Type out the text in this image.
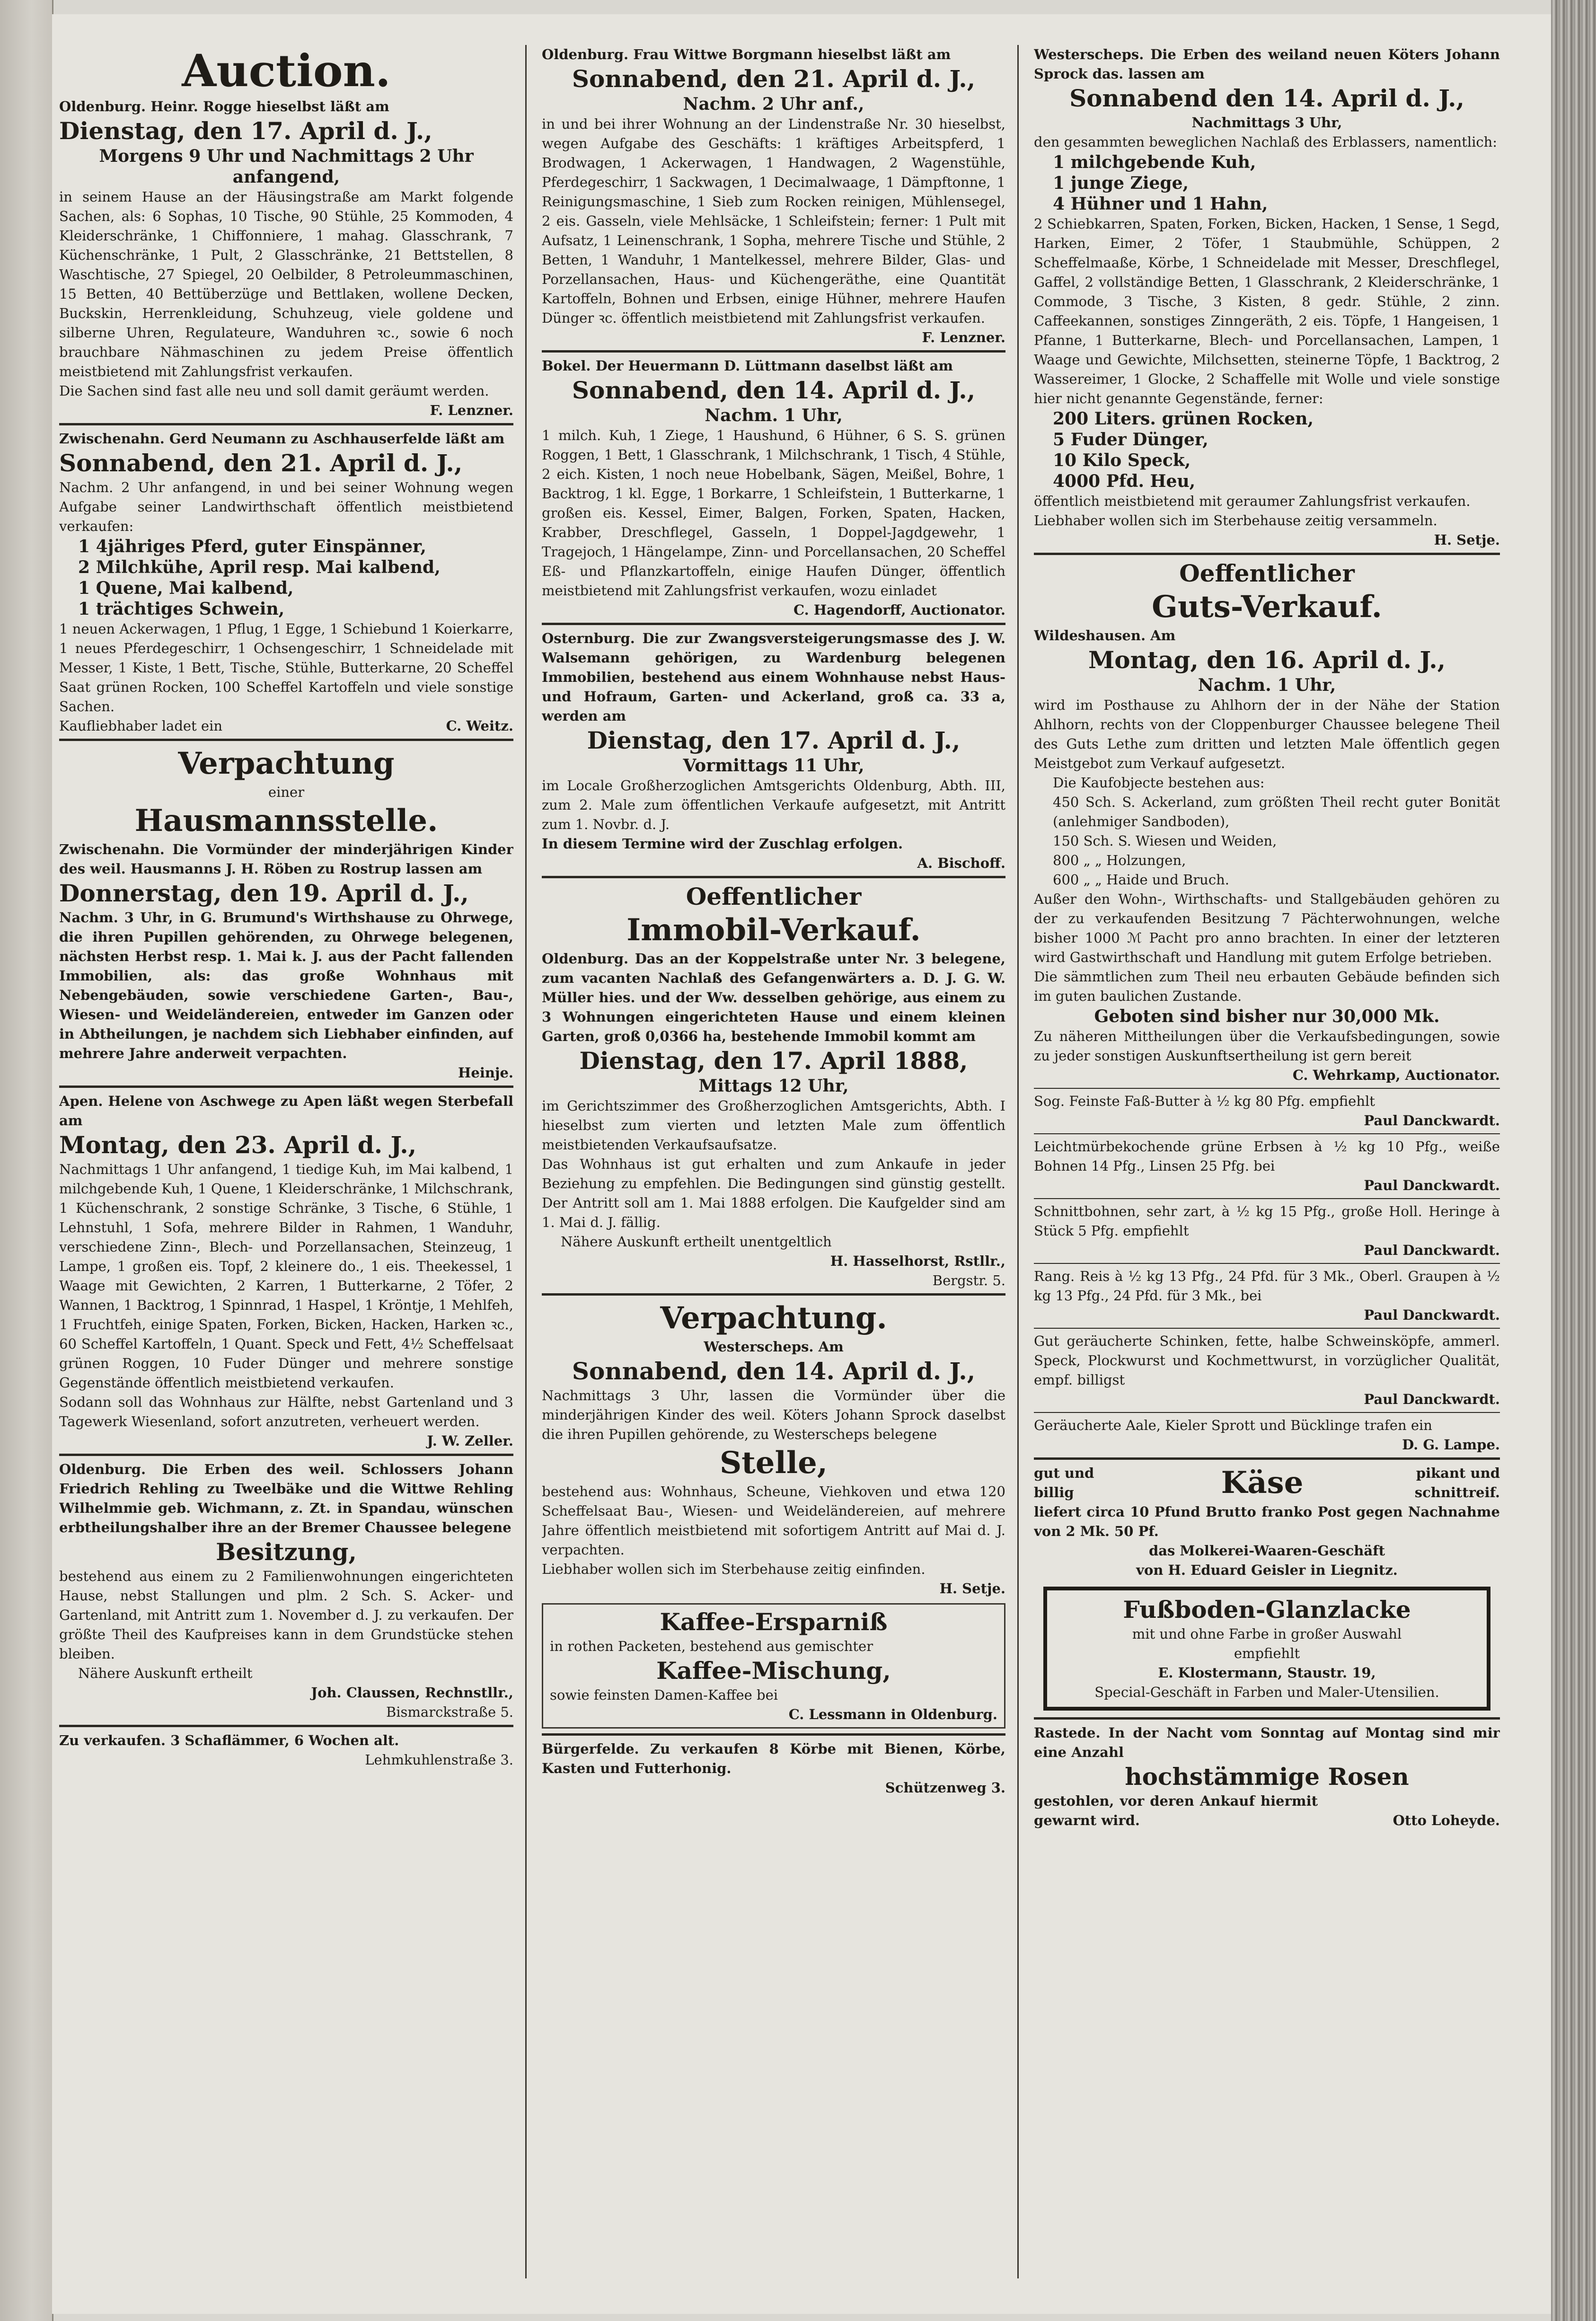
Auction.

Oldenburg. Heinr. Rogge hieselbst läßt am

Dienstag, den 17. April d. J.,

Morgens 9 Uhr und Nachmittags 2 Uhr anfangend,

in seinem Hause an der Häusingstraße am Markt folgende Sachen, als: 6 Sophas, 10 Tische, 90 Stühle, 25 Kommoden, 4 Kleiderschränke, 1 Chiffonniere, 1 mahag. Glasschrank, 7 Küchenschränke, 1 Pult, 2 Glasschränke, 21 Bettstellen, 8 Waschtische, 27 Spiegel, 20 Oelbilder, 8 Petroleummaschinen, 15 Betten, 40 Bettüberzüge und Bettlaken, wollene Decken, Buckskin, Herrenkleidung, Schuhzeug, viele goldene und silberne Uhren, Regulateure, Wanduhren ꝛc., sowie 6 noch brauchbare Nähmaschinen zu jedem Preise öffentlich meistbietend mit Zahlungsfrist verkaufen.

Die Sachen sind fast alle neu und soll damit geräumt werden.

F. Lenzner.

Zwischenahn. Gerd Neumann zu Aschhauserfelde läßt am

Sonnabend, den 21. April d. J.,

Nachm. 2 Uhr anfangend, in und bei seiner Wohnung wegen Aufgabe seiner Landwirthschaft öffentlich meistbietend verkaufen:

1 4jähriges Pferd, guter Einspänner,

2 Milchkühe, April resp. Mai kalbend,

1 Quene, Mai kalbend,

1 trächtiges Schwein,

1 neuen Ackerwagen, 1 Pflug, 1 Egge, 1 Schiebund 1 Koierkarre, 1 neues Pferdegeschirr, 1 Ochsengeschirr, 1 Schneidelade mit Messer, 1 Kiste, 1 Bett, Tische, Stühle, Butterkarne, 20 Scheffel Saat grünen Rocken, 100 Scheffel Kartoffeln und viele sonstige Sachen.

Kaufliebhaber ladet ein	C. Weitz.

Verpachtung

einer

Hausmannsstelle.

Zwischenahn. Die Vormünder der minderjährigen Kinder des weil. Hausmanns J. H. Röben zu Rostrup lassen am

Donnerstag, den 19. April d. J.,

Nachm. 3 Uhr, in G. Brumund's Wirthshause zu Ohrwege, die ihren Pupillen gehörenden, zu Ohrwege belegenen, nächsten Herbst resp. 1. Mai k. J. aus der Pacht fallenden Immobilien, als: das große Wohnhaus mit Nebengebäuden, sowie verschiedene Garten-, Bau-, Wiesen- und Weideländereien, entweder im Ganzen oder in Abtheilungen, je nachdem sich Liebhaber einfinden, auf mehrere Jahre anderweit verpachten.

Heinje.

Apen. Helene von Aschwege zu Apen läßt wegen Sterbefall am

Montag, den 23. April d. J.,

Nachmittags 1 Uhr anfangend, 1 tiedige Kuh, im Mai kalbend, 1 milchgebende Kuh, 1 Quene, 1 Kleiderschränke, 1 Milchschrank, 1 Küchenschrank, 2 sonstige Schränke, 3 Tische, 6 Stühle, 1 Lehnstuhl, 1 Sofa, mehrere Bilder in Rahmen, 1 Wanduhr, verschiedene Zinn-, Blech- und Porzellansachen, Steinzeug, 1 Lampe, 1 großen eis. Topf, 2 kleinere do., 1 eis. Theekessel, 1 Waage mit Gewichten, 2 Karren, 1 Butterkarne, 2 Töfer, 2 Wannen, 1 Backtrog, 1 Spinnrad, 1 Haspel, 1 Kröntje, 1 Mehlfeh, 1 Fruchtfeh, einige Spaten, Forken, Bicken, Hacken, Harken ꝛc., 60 Scheffel Kartoffeln, 1 Quant. Speck und Fett, 4½ Scheffelsaat grünen Roggen, 10 Fuder Dünger und mehrere sonstige Gegenstände öffentlich meistbietend verkaufen.

Sodann soll das Wohnhaus zur Hälfte, nebst Gartenland und 3 Tagewerk Wiesenland, sofort anzutreten, verheuert werden.

J. W. Zeller.

Oldenburg. Die Erben des weil. Schlossers Johann Friedrich Rehling zu Tweelbäke und die Wittwe Rehling Wilhelmmie geb. Wichmann, z. Zt. in Spandau, wünschen erbtheilungshalber ihre an der Bremer Chaussee belegene

Besitzung,

bestehend aus einem zu 2 Familienwohnungen eingerichteten Hause, nebst Stallungen und plm. 2 Sch. S. Acker- und Gartenland, mit Antritt zum 1. November d. J. zu verkaufen. Der größte Theil des Kaufpreises kann in dem Grundstücke stehen bleiben.

Nähere Auskunft ertheilt

Joh. Claussen, Rechnstllr.,

Bismarckstraße 5.

Zu verkaufen. 3 Schaflämmer, 6 Wochen alt.

Lehmkuhlenstraße 3.

Oldenburg. Frau Wittwe Borgmann hieselbst läßt am

Sonnabend, den 21. April d. J.,

Nachm. 2 Uhr anf.,

in und bei ihrer Wohnung an der Lindenstraße Nr. 30 hieselbst, wegen Aufgabe des Geschäfts: 1 kräftiges Arbeitspferd, 1 Brodwagen, 1 Ackerwagen, 1 Handwagen, 2 Wagenstühle, Pferdegeschirr, 1 Sackwagen, 1 Decimalwaage, 1 Dämpftonne, 1 Reinigungsmaschine, 1 Sieb zum Rocken reinigen, Mühlensegel, 2 eis. Gasseln, viele Mehlsäcke, 1 Schleifstein; ferner: 1 Pult mit Aufsatz, 1 Leinenschrank, 1 Sopha, mehrere Tische und Stühle, 2 Betten, 1 Wanduhr, 1 Mantelkessel, mehrere Bilder, Glas- und Porzellansachen, Haus- und Küchengeräthe, eine Quantität Kartoffeln, Bohnen und Erbsen, einige Hühner, mehrere Haufen Dünger ꝛc. öffentlich meistbietend mit Zahlungsfrist verkaufen.

F. Lenzner.

Bokel. Der Heuermann D. Lüttmann daselbst läßt am

Sonnabend, den 14. April d. J.,

Nachm. 1 Uhr,

1 milch. Kuh, 1 Ziege, 1 Haushund, 6 Hühner, 6 S. S. grünen Roggen, 1 Bett, 1 Glasschrank, 1 Milchschrank, 1 Tisch, 4 Stühle, 2 eich. Kisten, 1 noch neue Hobelbank, Sägen, Meißel, Bohre, 1 Backtrog, 1 kl. Egge, 1 Borkarre, 1 Schleifstein, 1 Butterkarne, 1 großen eis. Kessel, Eimer, Balgen, Forken, Spaten, Hacken, Krabber, Dreschflegel, Gasseln, 1 Doppel-Jagdgewehr, 1 Tragejoch, 1 Hängelampe, Zinn- und Porcellansachen, 20 Scheffel Eß- und Pflanzkartoffeln, einige Haufen Dünger, öffentlich meistbietend mit Zahlungsfrist verkaufen, wozu einladet

C. Hagendorff, Auctionator.

Osternburg. Die zur Zwangsversteigerungsmasse des J. W. Walsemann gehörigen, zu Wardenburg belegenen Immobilien, bestehend aus einem Wohnhause nebst Haus- und Hofraum, Garten- und Ackerland, groß ca. 33 a, werden am

Dienstag, den 17. April d. J.,

Vormittags 11 Uhr,

im Locale Großherzoglichen Amtsgerichts Oldenburg, Abth. III, zum 2. Male zum öffentlichen Verkaufe aufgesetzt, mit Antritt zum 1. Novbr. d. J.

In diesem Termine wird der Zuschlag erfolgen.

A. Bischoff.

Oeffentlicher

Immobil-Verkauf.

Oldenburg. Das an der Koppelstraße unter Nr. 3 belegene, zum vacanten Nachlaß des Gefangenwärters a. D. J. G. W. Müller hies. und der Ww. desselben gehörige, aus einem zu 3 Wohnungen eingerichteten Hause und einem kleinen Garten, groß 0,0366 ha, bestehende Immobil kommt am

Dienstag, den 17. April 1888,

Mittags 12 Uhr,

im Gerichtszimmer des Großherzoglichen Amtsgerichts, Abth. I hieselbst zum vierten und letzten Male zum öffentlich meistbietenden Verkaufsaufsatze.

Das Wohnhaus ist gut erhalten und zum Ankaufe in jeder Beziehung zu empfehlen. Die Bedingungen sind günstig gestellt. Der Antritt soll am 1. Mai 1888 erfolgen. Die Kaufgelder sind am 1. Mai d. J. fällig.

Nähere Auskunft ertheilt unentgeltlich

H. Hasselhorst, Rstllr.,

Bergstr. 5.

Verpachtung.

Westerscheps. Am

Sonnabend, den 14. April d. J.,

Nachmittags 3 Uhr, lassen die Vormünder über die minderjährigen Kinder des weil. Köters Johann Sprock daselbst die ihren Pupillen gehörende, zu Westerscheps belegene

Stelle,

bestehend aus: Wohnhaus, Scheune, Viehkoven und etwa 120 Scheffelsaat Bau-, Wiesen- und Weideländereien, auf mehrere Jahre öffentlich meistbietend mit sofortigem Antritt auf Mai d. J. verpachten.

Liebhaber wollen sich im Sterbehause zeitig einfinden.

H. Setje.

Kaffee-Ersparniß

in rothen Packeten, bestehend aus gemischter

Kaffee-Mischung,

sowie feinsten Damen-Kaffee bei

C. Lessmann in Oldenburg.

Bürgerfelde. Zu verkaufen 8 Körbe mit Bienen, Körbe, Kasten und Futterhonig.

Schützenweg 3.

Westerscheps. Die Erben des weiland neuen Köters Johann Sprock das. lassen am

Sonnabend den 14. April d. J.,

Nachmittags 3 Uhr,

den gesammten beweglichen Nachlaß des Erblassers, namentlich:

1 milchgebende Kuh,

1 junge Ziege,

4 Hühner und 1 Hahn,

2 Schiebkarren, Spaten, Forken, Bicken, Hacken, 1 Sense, 1 Segd, Harken, Eimer, 2 Töfer, 1 Staubmühle, Schüppen, 2 Scheffelmaaße, Körbe, 1 Schneidelade mit Messer, Dreschflegel, Gaffel, 2 vollständige Betten, 1 Glasschrank, 2 Kleiderschränke, 1 Commode, 3 Tische, 3 Kisten, 8 gedr. Stühle, 2 zinn. Caffeekannen, sonstiges Zinngeräth, 2 eis. Töpfe, 1 Hangeisen, 1 Pfanne, 1 Butterkarne, Blech- und Porcellansachen, Lampen, 1 Waage und Gewichte, Milchsetten, steinerne Töpfe, 1 Backtrog, 2 Wassereimer, 1 Glocke, 2 Schaffelle mit Wolle und viele sonstige hier nicht genannte Gegenstände, ferner:

200 Liters. grünen Rocken,

5 Fuder Dünger,

10 Kilo Speck,

4000 Pfd. Heu,

öffentlich meistbietend mit geraumer Zahlungsfrist verkaufen.

Liebhaber wollen sich im Sterbehause zeitig versammeln.

H. Setje.

Oeffentlicher

Guts-Verkauf.

Wildeshausen. Am

Montag, den 16. April d. J.,

Nachm. 1 Uhr,

wird im Posthause zu Ahlhorn der in der Nähe der Station Ahlhorn, rechts von der Cloppenburger Chaussee belegene Theil des Guts Lethe zum dritten und letzten Male öffentlich gegen Meistgebot zum Verkauf aufgesetzt.

Die Kaufobjecte bestehen aus:

450 Sch. S. Ackerland, zum größten Theil recht guter Bonität (anlehmiger Sandboden),

150 Sch. S. Wiesen und Weiden,

800 „ „ Holzungen,

600 „ „ Haide und Bruch.

Außer den Wohn-, Wirthschafts- und Stallgebäuden gehören zu der zu verkaufenden Besitzung 7 Pächterwohnungen, welche bisher 1000 ℳ Pacht pro anno brachten. In einer der letzteren wird Gastwirthschaft und Handlung mit gutem Erfolge betrieben.

Die sämmtlichen zum Theil neu erbauten Gebäude befinden sich im guten baulichen Zustande.

Geboten sind bisher nur 30,000 Mk.

Zu näheren Mittheilungen über die Verkaufsbedingungen, sowie zu jeder sonstigen Auskunftsertheilung ist gern bereit

C. Wehrkamp, Auctionator.

Sog. Feinste Faß-Butter à ½ kg 80 Pfg. empfiehlt

Paul Danckwardt.

Leichtmürbekochende grüne Erbsen à ½ kg 10 Pfg., weiße Bohnen 14 Pfg., Linsen 25 Pfg. bei

Paul Danckwardt.

Schnittbohnen, sehr zart, à ½ kg 15 Pfg., große Holl. Heringe à Stück 5 Pfg. empfiehlt

Paul Danckwardt.

Rang. Reis à ½ kg 13 Pfg., 24 Pfd. für 3 Mk., Oberl. Graupen à ½ kg 13 Pfg., 24 Pfd. für 3 Mk., bei

Paul Danckwardt.

Gut geräucherte Schinken, fette, halbe Schweinsköpfe, ammerl. Speck, Plockwurst und Kochmettwurst, in vorzüglicher Qualität, empf. billigst

Paul Danckwardt.

Geräucherte Aale, Kieler Sprott und Bücklinge trafen ein

D. G. Lampe.

gut und billig	Käse	pikant und schnittreif.

liefert circa 10 Pfund Brutto franko Post gegen Nachnahme von 2 Mk. 50 Pf.

das Molkerei-Waaren-Geschäft

von H. Eduard Geisler in Liegnitz.

Fußboden-Glanzlacke

mit und ohne Farbe in großer Auswahl

empfiehlt

E. Klostermann, Staustr. 19,

Special-Geschäft in Farben und Maler-Utensilien.

Rastede. In der Nacht vom Sonntag auf Montag sind mir eine Anzahl

hochstämmige Rosen

gestohlen, vor deren Ankauf hiermit gewarnt wird.	Otto Loheyde.
